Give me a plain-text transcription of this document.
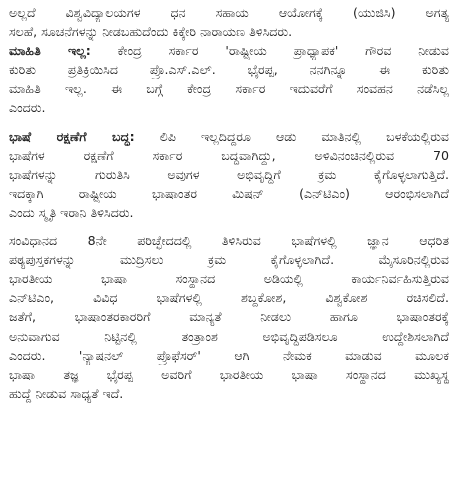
ಅಲ್ಲದೆ ವಿಶ್ವವಿದ್ಯಾಲಯಗಳ ಧನ ಸಹಾಯ ಆಯೋಗಕ್ಕೆ (ಯುಜಿಸಿ) ಅಗತ್ಯ
ಸಲಹೆ, ಸೂಚನೆಗಳನ್ನು ನೀಡಬಹುದೆಂದು ಕಿಕ್ಕೇರಿ ನಾರಾಯಣ ತಿಳಿಸಿದರು.
ಮಾಹಿತಿ ಇಲ್ಲ: ಕೇಂದ್ರ ಸರ್ಕಾರ 'ರಾಷ್ಟ್ರೀಯ ಪ್ರಾಧ್ಯಾಪಕ' ಗೌರವ ನೀಡುವ
ಕುರಿತು ಪ್ರತಿಕ್ರಿಯಿಸಿದ ಪ್ರೊ.ಎಸ್.ಎಲ್. ಭೈರಪ್ಪ, ನನಗಿನ್ನೂ ಈ ಕುರಿತು
ಮಾಹಿತಿ ಇಲ್ಲ. ಈ ಬಗ್ಗೆ ಕೇಂದ್ರ ಸರ್ಕಾರ ಇದುವರೆಗೆ ಸಂವಹನ ನಡೆಸಿಲ್ಲ
ಎಂದರು.
ಭಾಷೆ ರಕ್ಷಣೆಗೆ ಬದ್ಧ: ಲಿಪಿ ಇಲ್ಲದಿದ್ದರೂ ಆಡು ಮಾತಿನಲ್ಲಿ ಬಳಕೆಯಲ್ಲಿರುವ
ಭಾಷೆಗಳ ರಕ್ಷಣೆಗೆ ಸರ್ಕಾರ ಬದ್ಧವಾಗಿದ್ದು, ಅಳಿವಿನಂಚಿನಲ್ಲಿರುವ 70
ಭಾಷೆಗಳನ್ನು ಗುರುತಿಸಿ ಅವುಗಳ ಅಭಿವೃದ್ಧಿಗೆ ಕ್ರಮ ಕೈಗೊಳ್ಳಲಾಗುತ್ತಿದೆ.
ಇದಕ್ಕಾಗಿ ರಾಷ್ಟ್ರೀಯ ಭಾಷಾಂತರ ಮಿಷನ್ (ಎನ್‌ಟಿಎಂ) ಆರಂಭಿಸಲಾಗಿದೆ
ಎಂದು ಸ್ಮೃತಿ ಇರಾನಿ ತಿಳಿಸಿದರು.
ಸಂವಿಧಾನದ 8ನೇ ಪರಿಚ್ಛೇದದಲ್ಲಿ ತಿಳಿಸಿರುವ ಭಾಷೆಗಳಲ್ಲಿ ಜ್ಞಾನ ಆಧರಿತ
ಪಠ್ಯಪುಸ್ತಕಗಳನ್ನು ಮುದ್ರಿಸಲು ಕ್ರಮ ಕೈಗೊಳ್ಳಲಾಗಿದೆ. ಮೈಸೂರಿನಲ್ಲಿರುವ
ಭಾರತೀಯ ಭಾಷಾ ಸಂಸ್ಥಾನದ ಅಡಿಯಲ್ಲಿ ಕಾರ್ಯನಿರ್ವಹಿಸುತ್ತಿರುವ
ಎನ್‌ಟಿಎಂ, ವಿವಿಧ ಭಾಷೆಗಳಲ್ಲಿ ಶಬ್ದಕೋಶ, ವಿಶ್ವಕೋಶ ರಚಿಸಲಿದೆ.
ಜತೆಗೆ, ಭಾಷಾಂತರಕಾರರಿಗೆ ಮಾನ್ಯತೆ ನೀಡಲು ಹಾಗೂ ಭಾಷಾಂತರಕ್ಕೆ
ಅನುವಾಗುವ ನಿಟ್ಟಿನಲ್ಲಿ ತಂತ್ರಾಂಶ ಅಭಿವೃದ್ಧಿಪಡಿಸಲೂ ಉದ್ದೇಶಿಸಲಾಗಿದೆ
ಎಂದರು. 'ನ್ಯಾಷನಲ್ ಪ್ರೊಫೆಸರ್' ಆಗಿ ನೇಮಕ ಮಾಡುವ ಮೂಲಕ
ಭಾಷಾ ತಜ್ಞ ಭೈರಪ್ಪ ಅವರಿಗೆ ಭಾರತೀಯ ಭಾಷಾ ಸಂಸ್ಥಾನದ ಮುಖ್ಯಸ್ಥ
ಹುದ್ದೆ ನೀಡುವ ಸಾಧ್ಯತೆ ಇದೆ.
